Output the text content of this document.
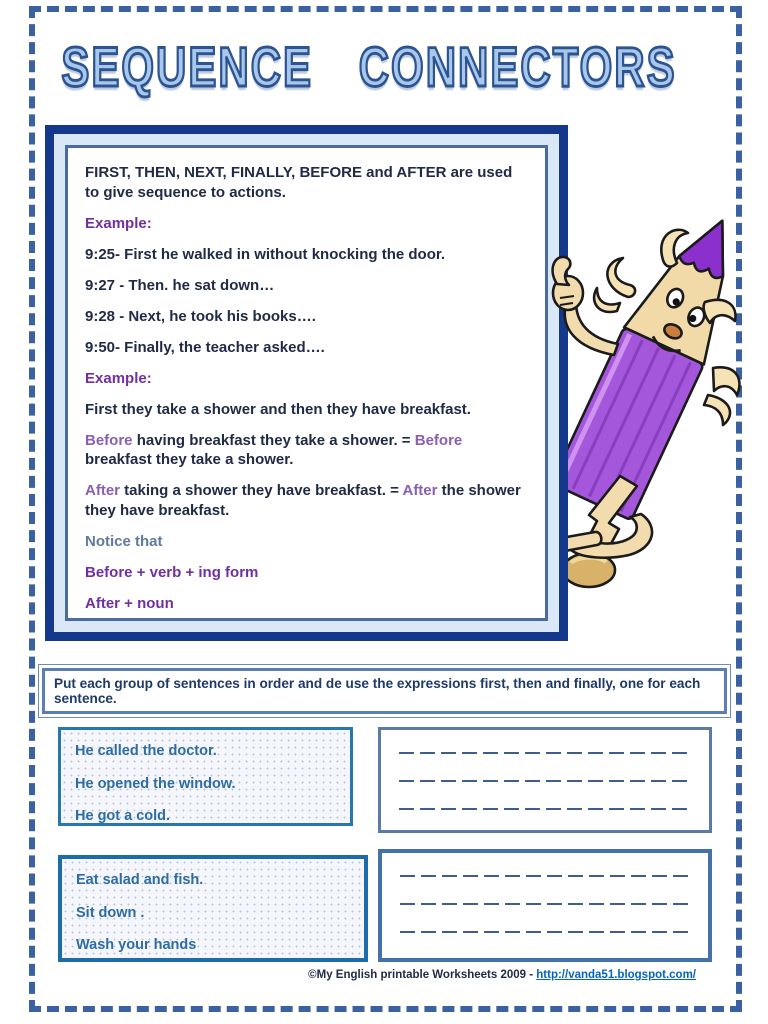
SEQUENCE CONNECTORS
FIRST, THEN, NEXT, FINALLY, BEFORE and AFTER are used to give sequence to actions.
Example:
9:25- First he walked in without knocking the door.
9:27 - Then. he sat down…
9:28 - Next, he took his books….
9:50- Finally, the teacher asked….
Example:
First they take a shower and then they have breakfast.
Before having breakfast they take a shower. = Before breakfast they take a shower.
After taking a shower they have breakfast. = After the shower they have breakfast.
Notice that
Before + verb + ing form
After + noun
Put each group of sentences in order and de use the expressions first, then and finally, one for each sentence.
He called the doctor.
He opened the window.
He got a cold.
Eat salad and fish.
Sit down .
Wash your hands
©My English printable Worksheets 2009 - http://vanda51.blogspot.com/
